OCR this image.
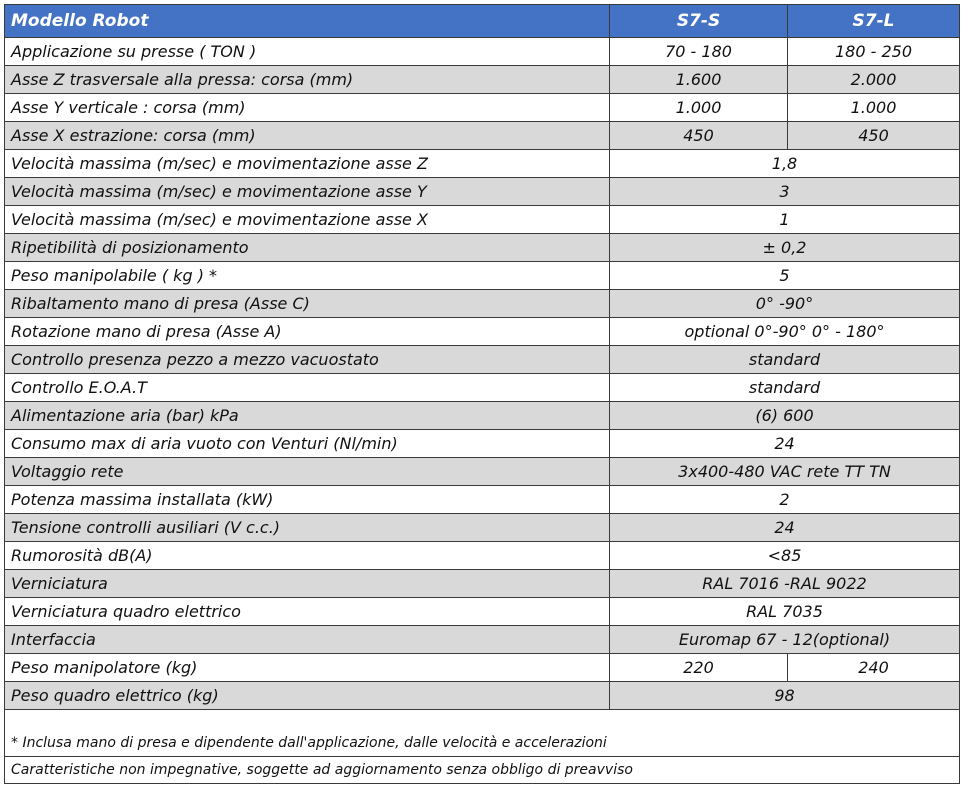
Modello Robot	S7-S	S7-L
Applicazione su presse ( TON )	70 - 180	180 - 250
Asse Z trasversale alla pressa: corsa (mm)	1.600	2.000
Asse Y verticale : corsa (mm)	1.000	1.000
Asse X estrazione: corsa (mm)	450	450
Velocità massima (m/sec) e movimentazione asse Z	1,8	
Velocità massima (m/sec) e movimentazione asse Y	3	
Velocità massima (m/sec) e movimentazione asse X	1	
Ripetibilità di posizionamento	± 0,2	
Peso manipolabile ( kg ) *	5	
Ribaltamento mano di presa (Asse C)	0° -90°	
Rotazione mano di presa (Asse A)	optional 0°-90° 0° - 180°	
Controllo presenza pezzo a mezzo vacuostato	standard	
Controllo E.O.A.T	standard	
Alimentazione aria (bar) kPa	(6) 600	
Consumo max di aria vuoto con Venturi (Nl/min)	24	
Voltaggio rete	3x400-480 VAC rete TT TN	
Potenza massima installata (kW)	2	
Tensione controlli ausiliari (V c.c.)	24	
Rumorosità dB(A)	<85	
Verniciatura	RAL 7016 -RAL 9022	
Verniciatura quadro elettrico	RAL 7035	
Interfaccia	Euromap 67 - 12(optional)	
Peso manipolatore (kg)	220	240
Peso quadro elettrico (kg)	98	

* Inclusa mano di presa e dipendente dall'applicazione, dalle velocità e accelerazioni		
Caratteristiche non impegnative, soggette ad aggiornamento senza obbligo di preavviso		
